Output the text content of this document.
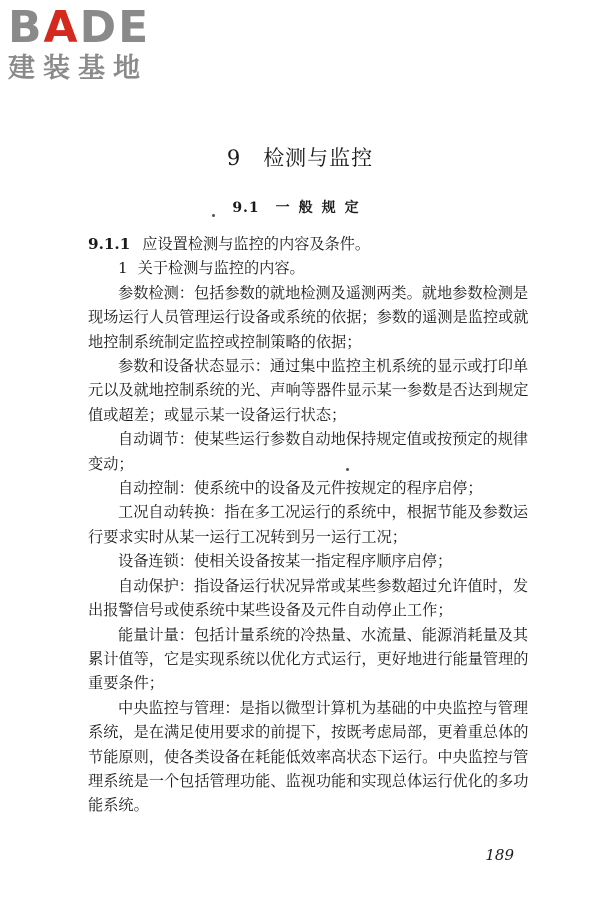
BADE
建装基地
9 检测与监控
9.1 一般规定

9.1.1 应设置检测与监控的内容及条件。

1 关于检测与监控的内容。

参数检测：包括参数的就地检测及遥测两类。就地参数检测是现场运行人员管理运行设备或系统的依据；参数的遥测是监控或就地控制系统制定监控或控制策略的依据；

参数和设备状态显示：通过集中监控主机系统的显示或打印单元以及就地控制系统的光、声响等器件显示某一参数是否达到规定值或超差；或显示某一设备运行状态；

自动调节：使某些运行参数自动地保持规定值或按预定的规律变动；

自动控制：使系统中的设备及元件按规定的程序启停；

工况自动转换：指在多工况运行的系统中，根据节能及参数运行要求实时从某一运行工况转到另一运行工况；

设备连锁：使相关设备按某一指定程序顺序启停；

自动保护：指设备运行状况异常或某些参数超过允许值时，发出报警信号或使系统中某些设备及元件自动停止工作；

能量计量：包括计量系统的冷热量、水流量、能源消耗量及其累计值等，它是实现系统以优化方式运行，更好地进行能量管理的重要条件；

中央监控与管理：是指以微型计算机为基础的中央监控与管理系统，是在满足使用要求的前提下，按既考虑局部，更着重总体的节能原则，使各类设备在耗能低效率高状态下运行。中央监控与管理系统是一个包括管理功能、监视功能和实现总体运行优化的多功能系统。

189
